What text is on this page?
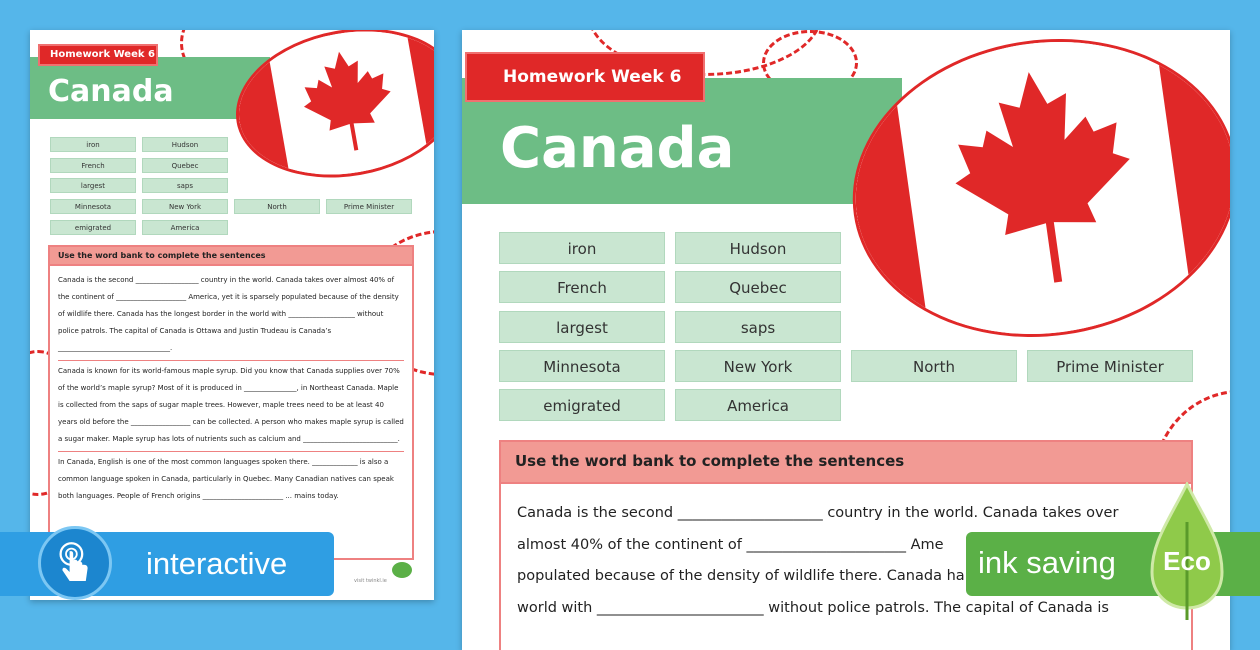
Homework Week 6
Canada
iron	Hudson
French	Quebec
largest	saps
Minnesota	New York	North	Prime Minister
emigrated	America
Use the word bank to complete the sentences
Canada is the second __________________ country in the world. Canada takes over almost 40% of the continent of ____________________ America, yet it is sparsely populated because of the density of wildlife there. Canada has the longest border in the world with ___________________ without police patrols. The capital of Canada is Ottawa and Justin Trudeau is Canada’s ________________________________.
Canada is known for its world-famous maple syrup. Did you know that Canada supplies over 70% of the world’s maple syrup? Most of it is produced in _______________, in Northeast Canada. Maple is collected from the saps of sugar maple trees. However, maple trees need to be at least 40 years old before the _________________ can be collected. A person who makes maple syrup is called a sugar maker. Maple syrup has lots of nutrients such as calcium and ___________________________.
In Canada, English is one of the most common languages spoken there. _____________ is also a common language spoken in Canada, particularly in Quebec. Many Canadian natives can speak both languages. People of French origins _______________________ ... mains today.
visit twinkl.ie
Homework Week 6
Canada
iron	Hudson
French	Quebec
largest	saps
Minnesota	New York	North	Prime Minister
emigrated	America
Use the word bank to complete the sentences
Canada is the second ____________________ country in the world. Canada takes over
almost 40% of the continent of ______________________ Ame
populated because of the density of wildlife there. Canada ha
world with _______________________ without police patrols. The capital of Canada is
interactive	ink saving	Eco
